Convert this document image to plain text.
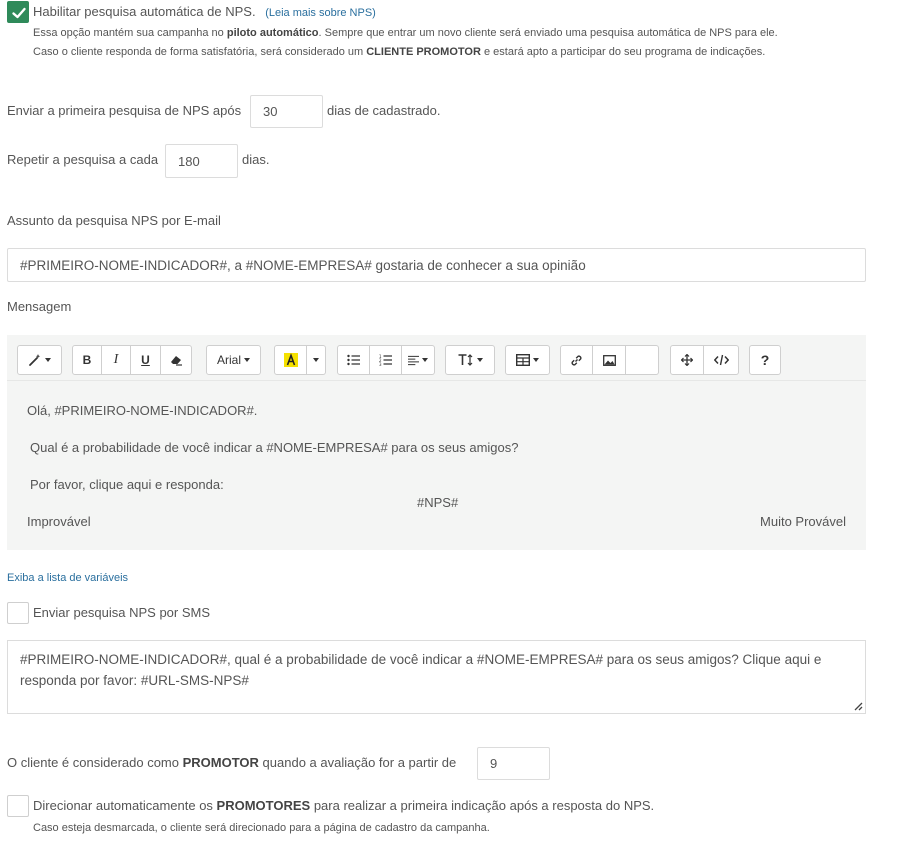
Habilitar pesquisa automática de NPS. (Leia mais sobre NPS)
Essa opção mantém sua campanha no piloto automático. Sempre que entrar um novo cliente será enviado uma pesquisa automática de NPS para ele.
Caso o cliente responda de forma satisfatória, será considerado um CLIENTE PROMOTOR e estará apto a participar do seu programa de indicações.
Enviar a primeira pesquisa de NPS após	30	dias de cadastrado.
Repetir a pesquisa a cada	180	dias.
Assunto da pesquisa NPS por E-mail
#PRIMEIRO-NOME-INDICADOR#, a #NOME-EMPRESA# gostaria de conhecer a sua opinião
Mensagem
B	I	U	Arial	1
2
3	?
Olá, #PRIMEIRO-NOME-INDICADOR#.
Qual é a probabilidade de você indicar a #NOME-EMPRESA# para os seus amigos?
Por favor, clique aqui e responda:
#NPS#
Improvável	Muito Provável
Exiba a lista de variáveis
Enviar pesquisa NPS por SMS
#PRIMEIRO-NOME-INDICADOR#, qual é a probabilidade de você indicar a #NOME-EMPRESA# para os seus amigos? Clique aqui e responda por favor: #URL-SMS-NPS#
O cliente é considerado como PROMOTOR quando a avaliação for a partir de	9
Direcionar automaticamente os PROMOTORES para realizar a primeira indicação após a resposta do NPS.
Caso esteja desmarcada, o cliente será direcionado para a página de cadastro da campanha.
